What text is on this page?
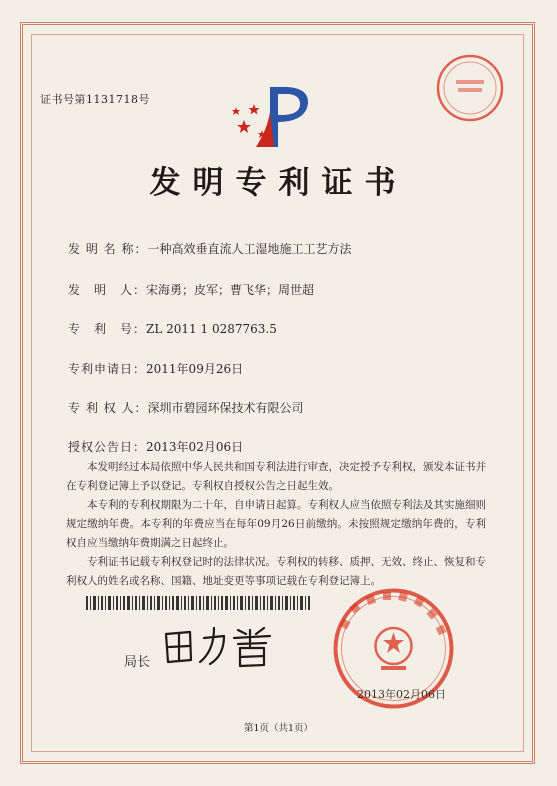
证书号第1131718号
发明专利证书
发 明 名 称：一种高效垂直流人工湿地施工工艺方法
发　明　人：宋海勇；皮军；曹飞华；周世超
专　利　号：ZL 2011 1 0287763.5
专利申请日：2011年09月26日
专 利 权 人：深圳市碧园环保技术有限公司
授权公告日：2013年02月06日

本发明经过本局依照中华人民共和国专利法进行审查，决定授予专利权，颁发本证书并在专利登记簿上予以登记。专利权自授权公告之日起生效。

本专利的专利权期限为二十年，自申请日起算。专利权人应当依照专利法及其实施细则规定缴纳年费。本专利的年费应当在每年09月26日前缴纳。未按照规定缴纳年费的，专利权自应当缴纳年费期满之日起终止。

专利证书记载专利权登记时的法律状况。专利权的转移、质押、无效、终止、恢复和专利权人的姓名或名称、国籍、地址变更等事项记载在专利登记簿上。

局长
2013年02月06日
第1页（共1页）
